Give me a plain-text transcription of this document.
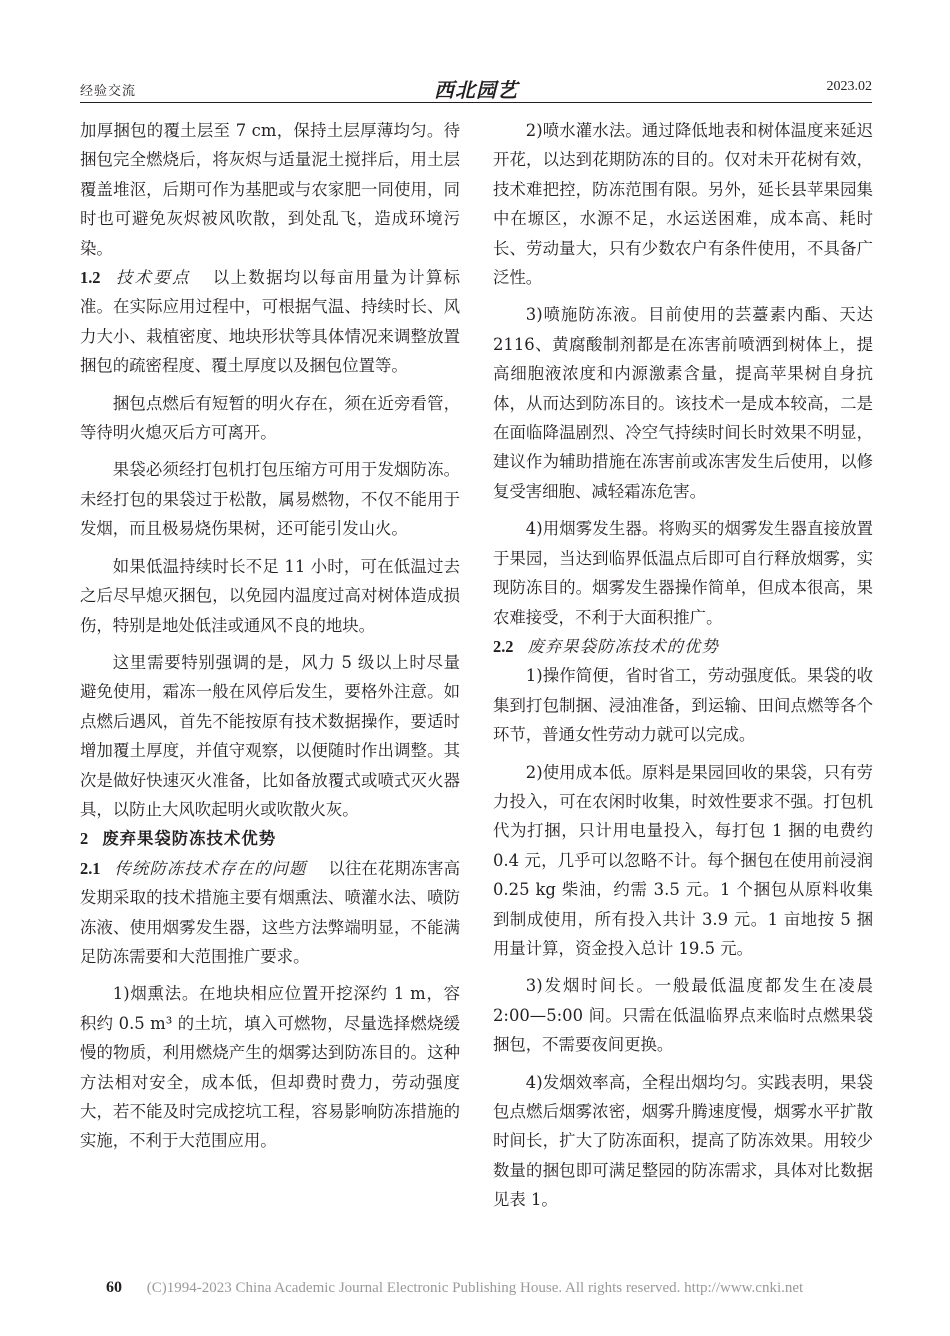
经验交流	西北园艺	2023.02

加厚捆包的覆土层至 7 cm，保持土层厚薄均匀。待捆包完全燃烧后，将灰烬与适量泥土搅拌后，用土层覆盖堆沤，后期可作为基肥或与农家肥一同使用，同时也可避免灰烬被风吹散，到处乱飞，造成环境污染。

1.2 技术要点 以上数据均以每亩用量为计算标准。在实际应用过程中，可根据气温、持续时长、风力大小、栽植密度、地块形状等具体情况来调整放置捆包的疏密程度、覆土厚度以及捆包位置等。

捆包点燃后有短暂的明火存在，须在近旁看管，等待明火熄灭后方可离开。

果袋必须经打包机打包压缩方可用于发烟防冻。未经打包的果袋过于松散，属易燃物，不仅不能用于发烟，而且极易烧伤果树，还可能引发山火。

如果低温持续时长不足 11 小时，可在低温过去之后尽早熄灭捆包，以免园内温度过高对树体造成损伤，特别是地处低洼或通风不良的地块。

这里需要特别强调的是，风力 5 级以上时尽量避免使用，霜冻一般在风停后发生，要格外注意。如点燃后遇风，首先不能按原有技术数据操作，要适时增加覆土厚度，并值守观察，以便随时作出调整。其次是做好快速灭火准备，比如备放覆式或喷式灭火器具，以防止大风吹起明火或吹散火灰。

2 废弃果袋防冻技术优势

2.1 传统防冻技术存在的问题 以往在花期冻害高发期采取的技术措施主要有烟熏法、喷灌水法、喷防冻液、使用烟雾发生器，这些方法弊端明显，不能满足防冻需要和大范围推广要求。

1)烟熏法。在地块相应位置开挖深约 1 m，容积约 0.5 m³ 的土坑，填入可燃物，尽量选择燃烧缓慢的物质，利用燃烧产生的烟雾达到防冻目的。这种方法相对安全，成本低，但却费时费力，劳动强度大，若不能及时完成挖坑工程，容易影响防冻措施的实施，不利于大范围应用。

2)喷水灌水法。通过降低地表和树体温度来延迟开花，以达到花期防冻的目的。仅对未开花树有效，技术难把控，防冻范围有限。另外，延长县苹果园集中在塬区，水源不足，水运送困难，成本高、耗时长、劳动量大，只有少数农户有条件使用，不具备广泛性。

3)喷施防冻液。目前使用的芸薹素内酯、天达 2116、黄腐酸制剂都是在冻害前喷洒到树体上，提高细胞液浓度和内源激素含量，提高苹果树自身抗体，从而达到防冻目的。该技术一是成本较高，二是在面临降温剧烈、冷空气持续时间长时效果不明显，建议作为辅助措施在冻害前或冻害发生后使用，以修复受害细胞、减轻霜冻危害。

4)用烟雾发生器。将购买的烟雾发生器直接放置于果园，当达到临界低温点后即可自行释放烟雾，实现防冻目的。烟雾发生器操作简单，但成本很高，果农难接受，不利于大面积推广。

2.2 废弃果袋防冻技术的优势

1)操作简便，省时省工，劳动强度低。果袋的收集到打包制捆、浸油准备，到运输、田间点燃等各个环节，普通女性劳动力就可以完成。

2)使用成本低。原料是果园回收的果袋，只有劳力投入，可在农闲时收集，时效性要求不强。打包机代为打捆，只计用电量投入，每打包 1 捆的电费约 0.4 元，几乎可以忽略不计。每个捆包在使用前浸润 0.25 kg 柴油，约需 3.5 元。1 个捆包从原料收集到制成使用，所有投入共计 3.9 元。1 亩地按 5 捆用量计算，资金投入总计 19.5 元。

3)发烟时间长。一般最低温度都发生在凌晨 2:00—5:00 间。只需在低温临界点来临时点燃果袋捆包，不需要夜间更换。

4)发烟效率高，全程出烟均匀。实践表明，果袋包点燃后烟雾浓密，烟雾升腾速度慢，烟雾水平扩散时间长，扩大了防冻面积，提高了防冻效果。用较少数量的捆包即可满足整园的防冻需求，具体对比数据见表 1。

(C)1994-2023 China Academic Journal Electronic Publishing House. All rights reserved. http://www.cnki.net
60
